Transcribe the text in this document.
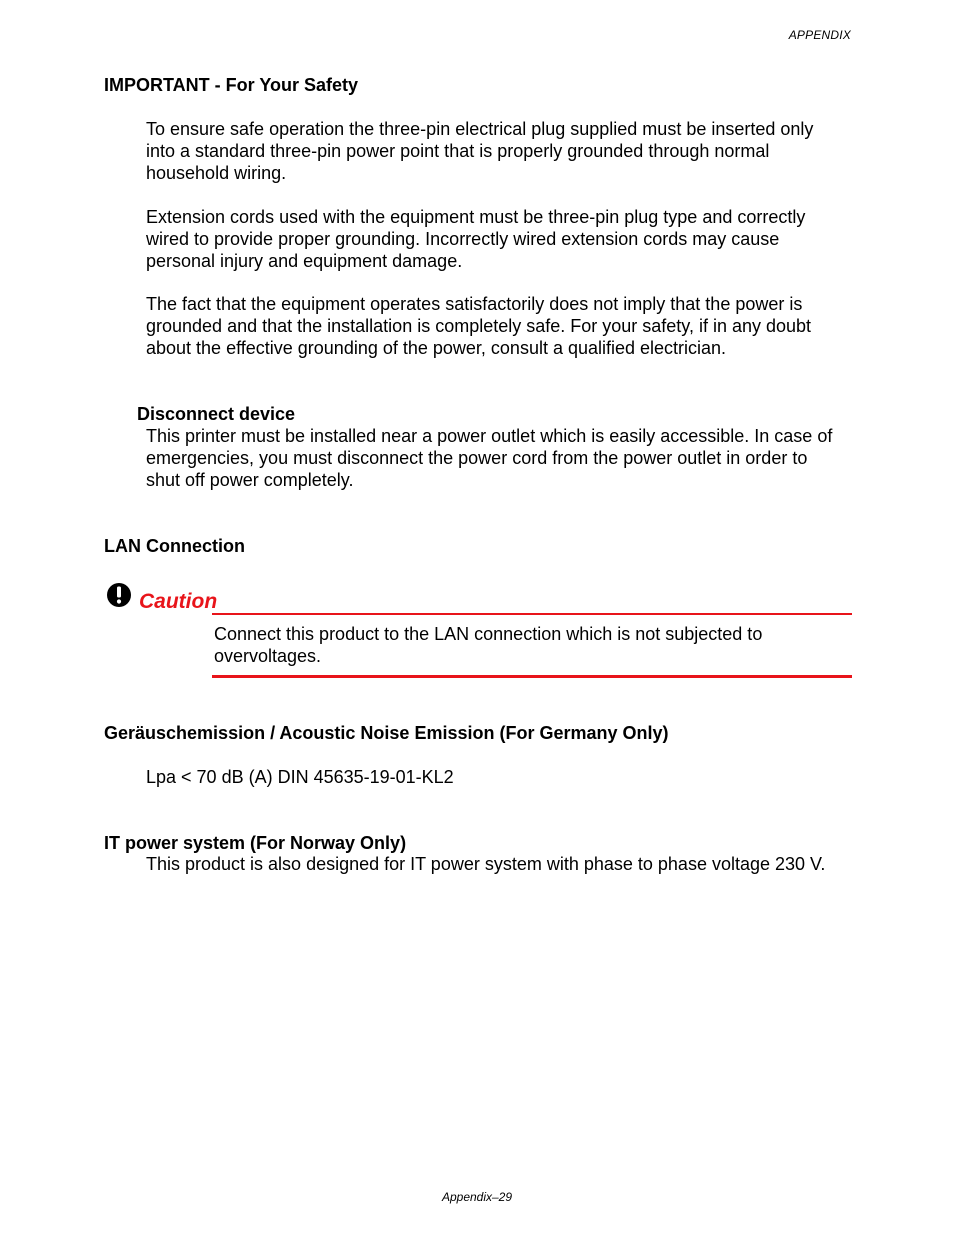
APPENDIX
IMPORTANT - For Your Safety

To ensure safe operation the three-pin electrical plug supplied must be inserted only into a standard three-pin power point that is properly grounded through normal household wiring.

Extension cords used with the equipment must be three-pin plug type and correctly wired to provide proper grounding. Incorrectly wired extension cords may cause personal injury and equipment damage.

The fact that the equipment operates satisfactorily does not imply that the power is grounded and that the installation is completely safe. For your safety, if in any doubt about the effective grounding of the power, consult a qualified electrician.

Disconnect device

This printer must be installed near a power outlet which is easily accessible. In case of emergencies, you must disconnect the power cord from the power outlet in order to shut off power completely.

LAN Connection
Caution

Connect this product to the LAN connection which is not subjected to overvoltages.

Geräuschemission / Acoustic Noise Emission (For Germany Only)

Lpa < 70 dB (A) DIN 45635-19-01-KL2

IT power system (For Norway Only)

This product is also designed for IT power system with phase to phase voltage 230 V.

Appendix–29
